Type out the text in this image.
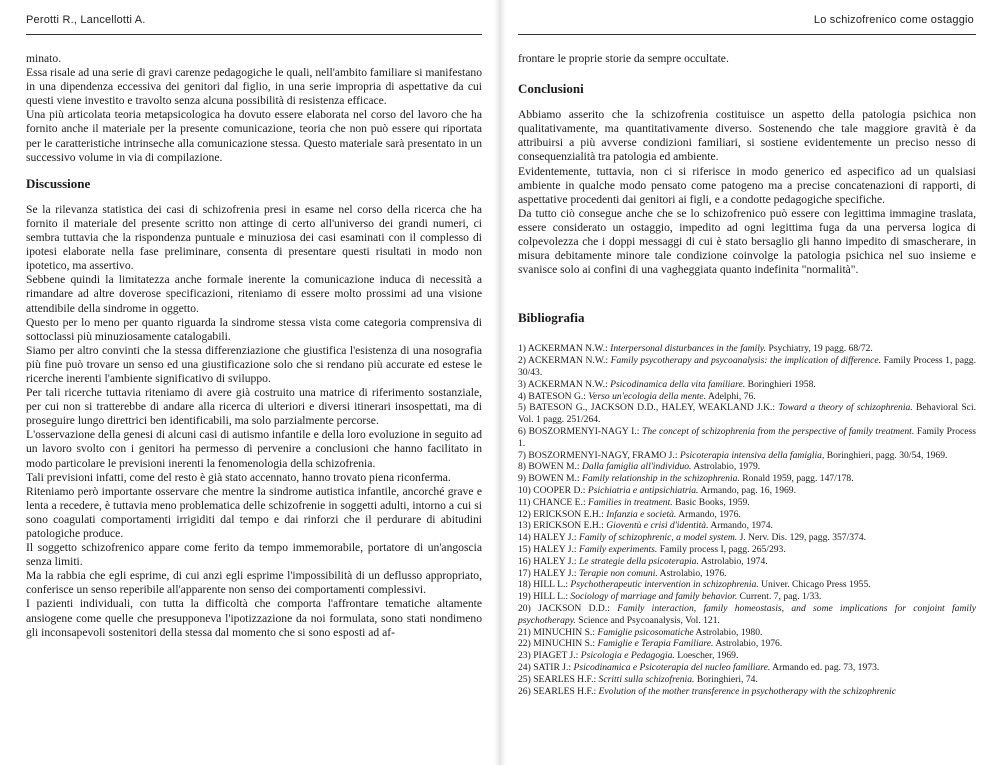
Perotti R., Lancellotti A.

minato.

Essa risale ad una serie di gravi carenze pedagogiche le quali, nell'ambito familiare si manifestano in una dipendenza eccessiva dei genitori dal figlio, in una serie impropria di aspettative da cui questi viene investito e travolto senza alcuna possibilità di resistenza efficace.

Una più articolata teoria metapsicologica ha dovuto essere elaborata nel corso del lavoro che ha fornito anche il materiale per la presente comunicazione, teoria che non può essere qui riportata per le caratteristiche intrinseche alla comunicazione stessa. Questo materiale sarà presentato in un successivo volume in via di compilazione.

Discussione

Se la rilevanza statistica dei casi di schizofrenia presi in esame nel corso della ricerca che ha fornito il materiale del presente scritto non attinge di certo all'universo dei grandi numeri, ci sembra tuttavia che la rispondenza puntuale e minuziosa dei casi esaminati con il complesso di ipotesi elaborate nella fase preliminare, consenta di presentare questi risultati in modo non ipotetico, ma assertivo.

Sebbene quindi la limitatezza anche formale inerente la comunicazione induca di necessità a rimandare ad altre doverose specificazioni, riteniamo di essere molto prossimi ad una visione attendibile della sindrome in oggetto.

Questo per lo meno per quanto riguarda la sindrome stessa vista come categoria comprensiva di sottoclassi più minuziosamente catalogabili.

Siamo per altro convinti che la stessa differenziazione che giustifica l'esistenza di una nosografia più fine può trovare un senso ed una giustificazione solo che si rendano più accurate ed estese le ricerche inerenti l'ambiente significativo di sviluppo.

Per tali ricerche tuttavia riteniamo di avere già costruito una matrice di riferimento sostanziale, per cui non si tratterebbe di andare alla ricerca di ulteriori e diversi itinerari insospettati, ma di proseguire lungo direttrici ben identificabili, ma solo parzialmente percorse.

L'osservazione della genesi di alcuni casi di autismo infantile e della loro evoluzione in seguito ad un lavoro svolto con i genitori ha permesso di pervenire a conclusioni che hanno facilitato in modo particolare le previsioni inerenti la fenomenologia della schizofrenia.

Tali previsioni infatti, come del resto è già stato accennato, hanno trovato piena riconferma.

Riteniamo però importante osservare che mentre la sindrome autistica infantile, ancorché grave e lenta a recedere, è tuttavia meno problematica delle schizofrenie in soggetti adulti, intorno a cui si sono coagulati comportamenti irrigiditi dal tempo e dai rinforzi che il perdurare di abitudini patologiche produce.

Il soggetto schizofrenico appare come ferito da tempo immemorabile, portatore di un'angoscia senza limiti.

Ma la rabbia che egli esprime, di cui anzi egli esprime l'impossibilità di un deflusso appropriato, conferisce un senso reperibile all'apparente non senso dei comportamenti complessivi.

I pazienti individuali, con tutta la difficoltà che comporta l'affrontare tematiche altamente ansiogene come quelle che presupponeva l'ipotizzazione da noi formulata, sono stati nondimeno gli inconsapevoli sostenitori della stessa dal momento che si sono esposti ad af-

Lo schizofrenico come ostaggio

frontare le proprie storie da sempre occultate.

Conclusioni

Abbiamo asserito che la schizofrenia costituisce un aspetto della patologia psichica non qualitativamente, ma quantitativamente diverso. Sostenendo che tale maggiore gravità è da attribuirsi a più avverse condizioni familiari, si sostiene evidentemente un preciso nesso di consequenzialità tra patologia ed ambiente.

Evidentemente, tuttavia, non ci si riferisce in modo generico ed aspecifico ad un qualsiasi ambiente in qualche modo pensato come patogeno ma a precise concatenazioni di rapporti, di aspettative procedenti dai genitori ai figli, e a condotte pedagogiche specifiche.

Da tutto ciò consegue anche che se lo schizofrenico può essere con legittima immagine traslata, essere considerato un ostaggio, impedito ad ogni legittima fuga da una perversa logica di colpevolezza che i doppi messaggi di cui è stato bersaglio gli hanno impedito di smascherare, in misura debitamente minore tale condizione coinvolge la patologia psichica nel suo insieme e svanisce solo ai confini di una vagheggiata quanto indefinita "normalità".

Bibliografia

1) ACKERMAN N.W.: Interpersonal disturbances in the family. Psychiatry, 19 pagg. 68/72.

2) ACKERMAN N.W.: Family psycotherapy and psycoanalysis: the implication of difference. Family Process 1, pagg. 30/43.

3) ACKERMAN N.W.: Psicodinamica della vita familiare. Boringhieri 1958.

4) BATESON G.: Verso un'ecologia della mente. Adelphi, 76.

5) BATESON G., JACKSON D.D., HALEY, WEAKLAND J.K.: Toward a theory of schizophrenia. Behavioral Sci. Vol. 1 pagg. 251/264.

6) BOSZORMENYI-NAGY I.: The concept of schizophrenia from the perspective of family treatment. Family Process 1.

7) BOSZORMENYI-NAGY, FRAMO J.: Psicoterapia intensiva della famiglia, Boringhieri, pagg. 30/54, 1969.

8) BOWEN M.: Dalla famiglia all'individuo. Astrolabio, 1979.

9) BOWEN M.: Family relationship in the schizophrenia. Ronald 1959, pagg. 147/178.

10) COOPER D.: Psichiatria e antipsichiatria. Armando, pag. 16, 1969.

11) CHANCE E.: Families in treatment. Basic Books, 1959.

12) ERICKSON E.H.: Infanzia e società. Armando, 1976.

13) ERICKSON E.H.: Gioventù e crisi d'identità. Armando, 1974.

14) HALEY J.: Family of schizophrenic, a model system. J. Nerv. Dis. 129, pagg. 357/374.

15) HALEY J.: Family experiments. Family process I, pagg. 265/293.

16) HALEY J.: Le strategie della psicoterapia. Astrolabio, 1974.

17) HALEY J.: Terapie non comuni. Astrolabio, 1976.

18) HILL L.: Psychotherapeutic intervention in schizophrenia. Univer. Chicago Press 1955.

19) HILL L.: Sociology of marriage and family behavior. Current. 7, pag. 1/33.

20) JACKSON D.D.: Family interaction, family homeostasis, and some implications for conjoint family psychotherapy. Science and Psycoanalysis, Vol. 121.

21) MINUCHIN S.: Famiglie psicosomatiche Astrolabio, 1980.

22) MINUCHIN S.: Famiglie e Terapia Familiare. Astrolabio, 1976.

23) PIAGET J.: Psicologia e Pedagogia. Loescher, 1969.

24) SATIR J.: Psicodinamica e Psicoterapia del nucleo familiare. Armando ed. pag. 73, 1973.

25) SEARLES H.F.: Scritti sulla schizofrenia. Boringhieri, 74.

26) SEARLES H.F.: Evolution of the mother transference in psychotherapy with the schizophrenic
